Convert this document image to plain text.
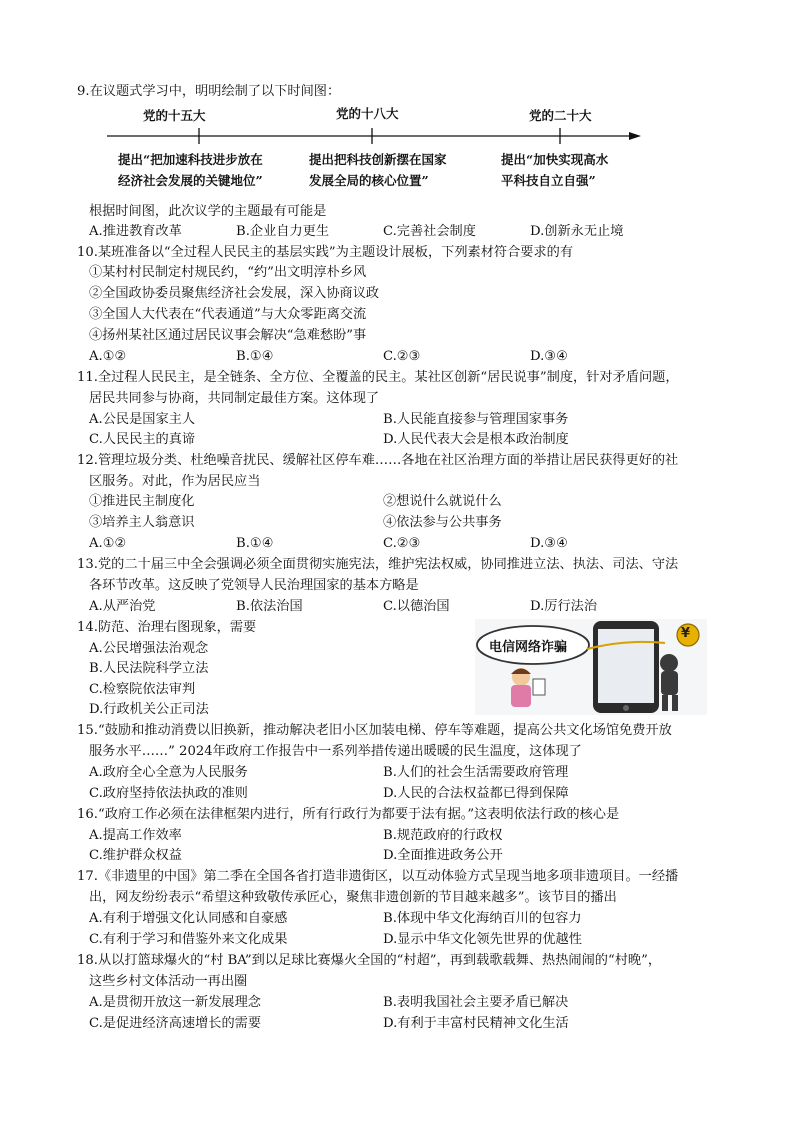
9.在议题式学习中，明明绘制了以下时间图：
党的十五大	党的十八大	党的二十大
提出“把加速科技进步放在
经济社会发展的关键地位”
提出把科技创新摆在国家
发展全局的核心位置”
提出“加快实现高水
平科技自立自强”
根据时间图，此次议学的主题最有可能是
A.推进教育改革	B.企业自力更生	C.完善社会制度	D.创新永无止境
10.某班准备以“全过程人民民主的基层实践”为主题设计展板，下列素材符合要求的有
①某村村民制定村规民约，“约”出文明淳朴乡风
②全国政协委员聚焦经济社会发展，深入协商议政
③全国人大代表在“代表通道”与大众零距离交流
④扬州某社区通过居民议事会解决“急难愁盼”事
A.①②	B.①④	C.②③	D.③④
11.全过程人民民主，是全链条、全方位、全覆盖的民主。某社区创新“居民说事”制度，针对矛盾问题，
居民共同参与协商，共同制定最佳方案。这体现了
A.公民是国家主人	B.人民能直接参与管理国家事务
C.人民民主的真谛	D.人民代表大会是根本政治制度
12.管理垃圾分类、杜绝噪音扰民、缓解社区停车难……各地在社区治理方面的举措让居民获得更好的社
区服务。对此，作为居民应当
①推进民主制度化	②想说什么就说什么
③培养主人翁意识	④依法参与公共事务
A.①②	B.①④	C.②③	D.③④
13.党的二十届三中全会强调必须全面贯彻实施宪法，维护宪法权威，协同推进立法、执法、司法、守法
各环节改革。这反映了党领导人民治理国家的基本方略是
A.从严治党	B.依法治国	C.以德治国	D.厉行法治
14.防范、治理右图现象，需要
A.公民增强法治观念
B.人民法院科学立法
C.检察院依法审判
D.行政机关公正司法
电信网络诈骗
¥
15.“鼓励和推动消费以旧换新，推动解决老旧小区加装电梯、停车等难题，提高公共文化场馆免费开放
服务水平……” 2024年政府工作报告中一系列举措传递出暖暖的民生温度，这体现了
A.政府全心全意为人民服务	B.人们的社会生活需要政府管理
C.政府坚持依法执政的准则	D.人民的合法权益都已得到保障
16.“政府工作必须在法律框架内进行，所有行政行为都要于法有据。”这表明依法行政的核心是
A.提高工作效率	B.规范政府的行政权
C.维护群众权益	D.全面推进政务公开
17.《非遗里的中国》第二季在全国各省打造非遗街区，以互动体验方式呈现当地多项非遗项目。一经播
出，网友纷纷表示“希望这种致敬传承匠心，聚焦非遗创新的节目越来越多”。该节目的播出
A.有利于增强文化认同感和自豪感	B.体现中华文化海纳百川的包容力
C.有利于学习和借鉴外来文化成果	D.显示中华文化领先世界的优越性
18.从以打篮球爆火的“村 BA”到以足球比赛爆火全国的“村超”，再到载歌载舞、热热闹闹的“村晚”，
这些乡村文体活动一再出圈
A.是贯彻开放这一新发展理念	B.表明我国社会主要矛盾已解决
C.是促进经济高速增长的需要	D.有利于丰富村民精神文化生活
